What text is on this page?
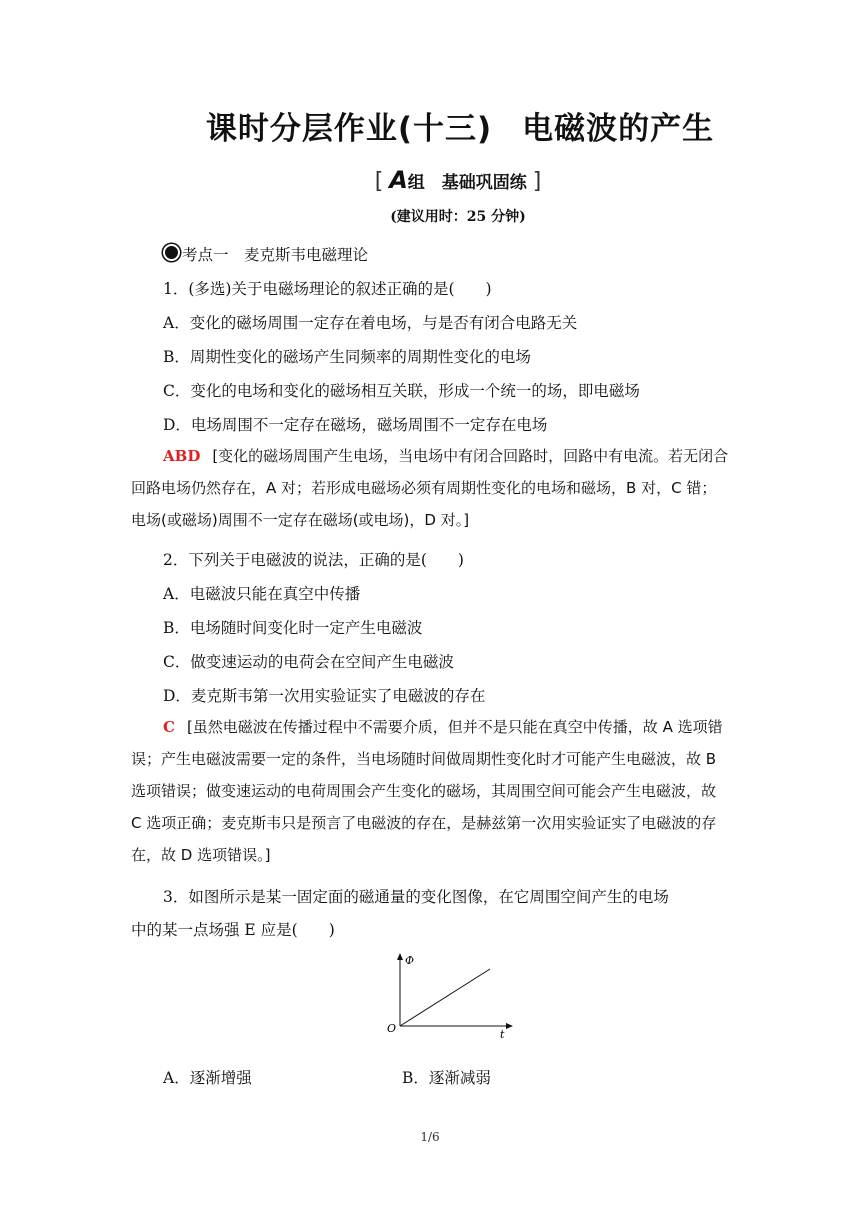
课时分层作业(十三) 电磁波的产生
[ A组　基础巩固练 ]
(建议用时：25 分钟)
考点一　麦克斯韦电磁理论
1．(多选)关于电磁场理论的叙述正确的是(　　)
A．变化的磁场周围一定存在着电场，与是否有闭合电路无关
B．周期性变化的磁场产生同频率的周期性变化的电场
C．变化的电场和变化的磁场相互关联，形成一个统一的场，即电磁场
D．电场周围不一定存在磁场，磁场周围不一定存在电场
ABD [变化的磁场周围产生电场，当电场中有闭合回路时，回路中有电流。若无闭合回路电场仍然存在，A 对；若形成电磁场必须有周期性变化的电场和磁场，B 对，C 错；电场(或磁场)周围不一定存在磁场(或电场)，D 对。]
2．下列关于电磁波的说法，正确的是(　　)
A．电磁波只能在真空中传播
B．电场随时间变化时一定产生电磁波
C．做变速运动的电荷会在空间产生电磁波
D．麦克斯韦第一次用实验证实了电磁波的存在
C [虽然电磁波在传播过程中不需要介质，但并不是只能在真空中传播，故 A 选项错误；产生电磁波需要一定的条件，当电场随时间做周期性变化时才可能产生电磁波，故 B 选项错误；做变速运动的电荷周围会产生变化的磁场，其周围空间可能会产生电磁波，故 C 选项正确；麦克斯韦只是预言了电磁波的存在，是赫兹第一次用实验证实了电磁波的存在，故 D 选项错误。]
3．如图所示是某一固定面的磁通量的变化图像，在它周围空间产生的电场
中的某一点场强 E 应是(　　)
Φ
t
O
A．逐渐增强	B．逐渐减弱
1/6
